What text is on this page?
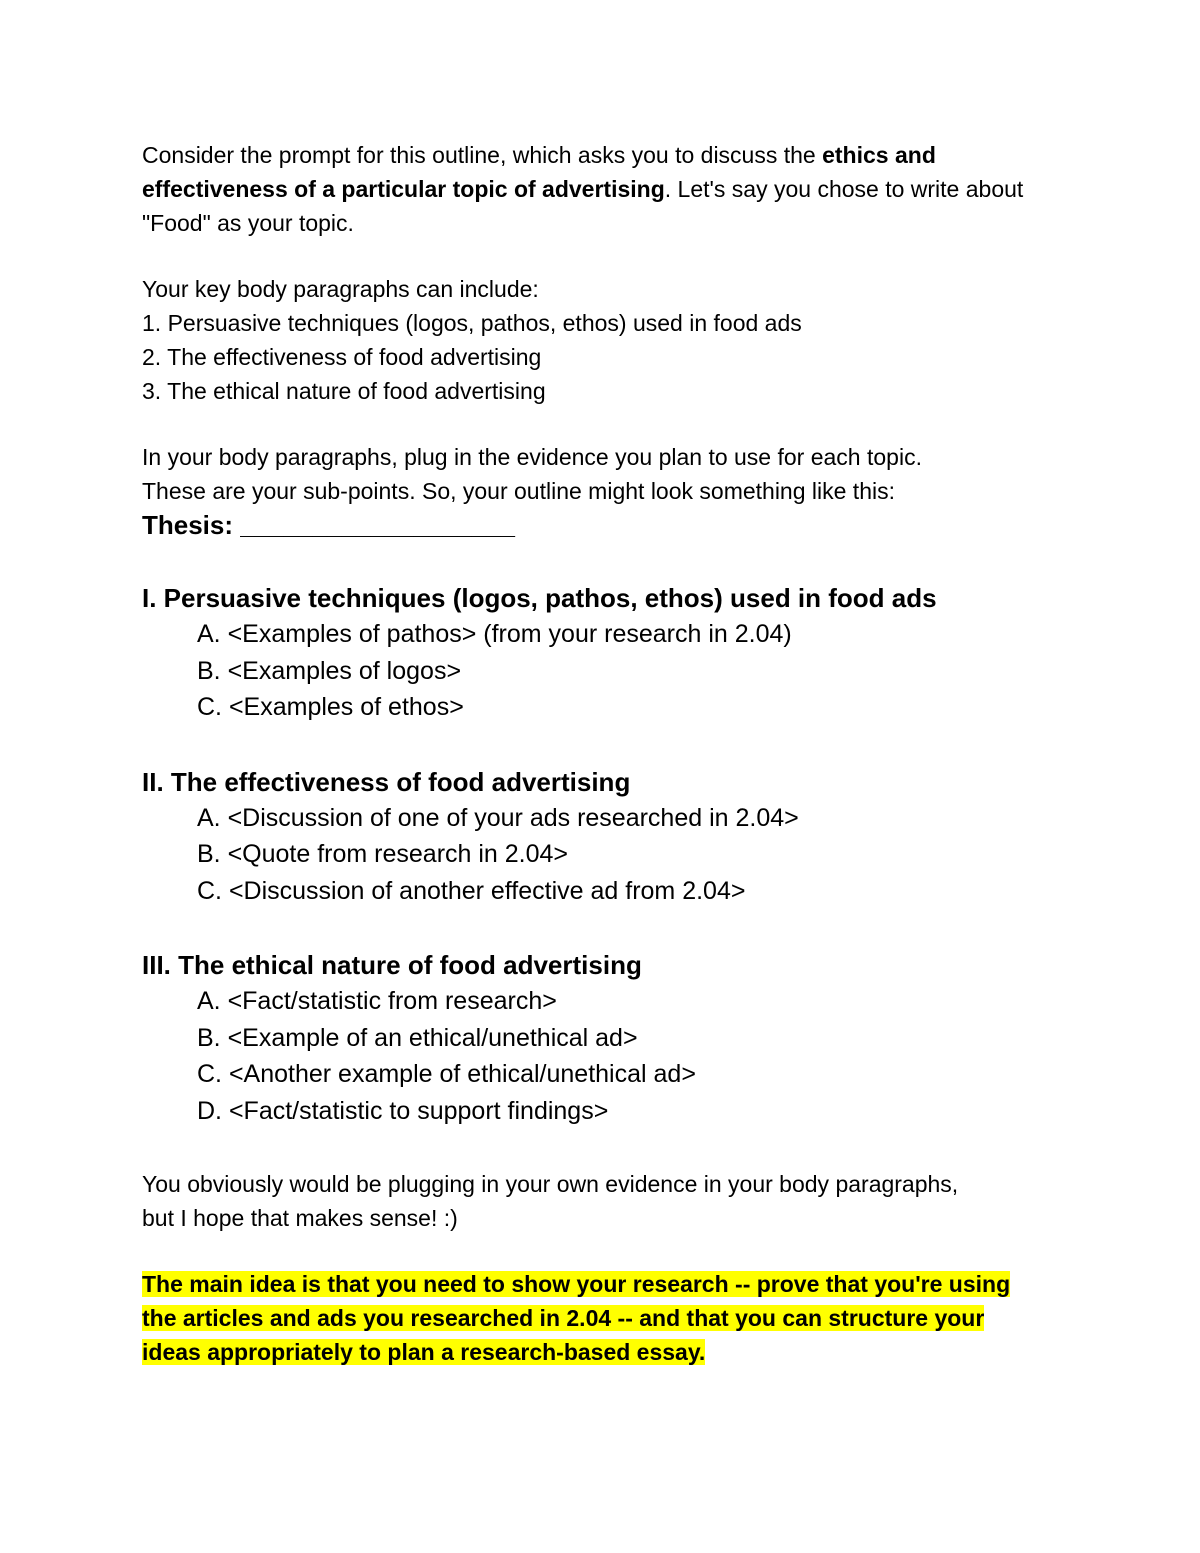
Consider the prompt for this outline, which asks you to discuss the ethics and effectiveness of a particular topic of advertising. Let's say you chose to write about "Food" as your topic.

Your key body paragraphs can include:

1. Persuasive techniques (logos, pathos, ethos) used in food ads

2. The effectiveness of food advertising

3. The ethical nature of food advertising

In your body paragraphs, plug in the evidence you plan to use for each topic.

These are your sub-points. So, your outline might look something like this:

Thesis: ___________________

I. Persuasive techniques (logos, pathos, ethos) used in food ads

A. <Examples of pathos> (from your research in 2.04)

B. <Examples of logos>

C. <Examples of ethos>

II. The effectiveness of food advertising

A. <Discussion of one of your ads researched in 2.04>

B. <Quote from research in 2.04>

C. <Discussion of another effective ad from 2.04>

III. The ethical nature of food advertising

A. <Fact/statistic from research>

B. <Example of an ethical/unethical ad>

C. <Another example of ethical/unethical ad>

D. <Fact/statistic to support findings>

You obviously would be plugging in your own evidence in your body paragraphs,

but I hope that makes sense! :)

The main idea is that you need to show your research -- prove that you're using
the articles and ads you researched in 2.04 -- and that you can structure your
ideas appropriately to plan a research-based essay.
